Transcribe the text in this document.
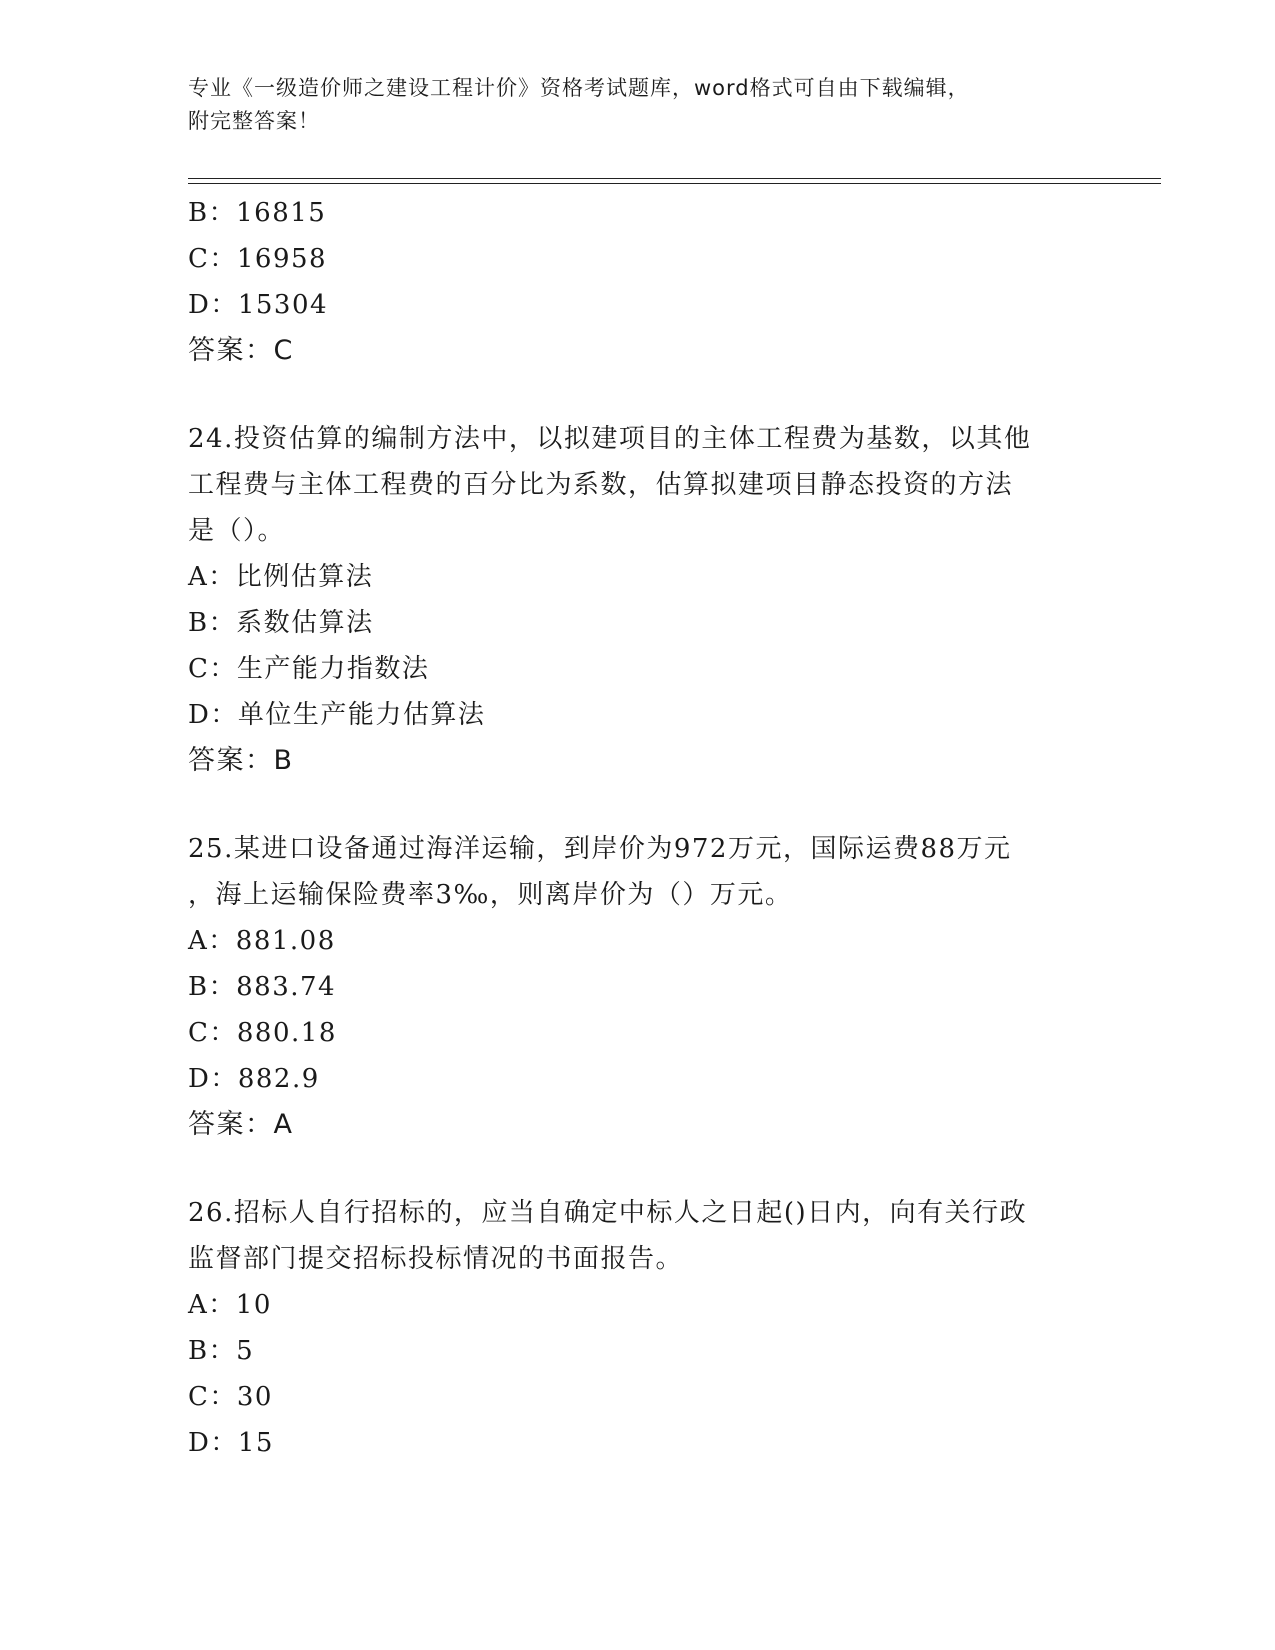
专业《一级造价师之建设工程计价》资格考试题库，word格式可自由下载编辑，
附完整答案！
B：16815
C：16958
D：15304
答案：C
24.投资估算的编制方法中，以拟建项目的主体工程费为基数，以其他
工程费与主体工程费的百分比为系数，估算拟建项目静态投资的方法
是（）。
A：比例估算法
B：系数估算法
C：生产能力指数法
D：单位生产能力估算法
答案：B
25.某进口设备通过海洋运输，到岸价为972万元，国际运费88万元
，海上运输保险费率3‰，则离岸价为（）万元。
A：881.08
B：883.74
C：880.18
D：882.9
答案：A
26.招标人自行招标的，应当自确定中标人之日起()日内，向有关行政
监督部门提交招标投标情况的书面报告。
A：10
B：5
C：30
D：15
